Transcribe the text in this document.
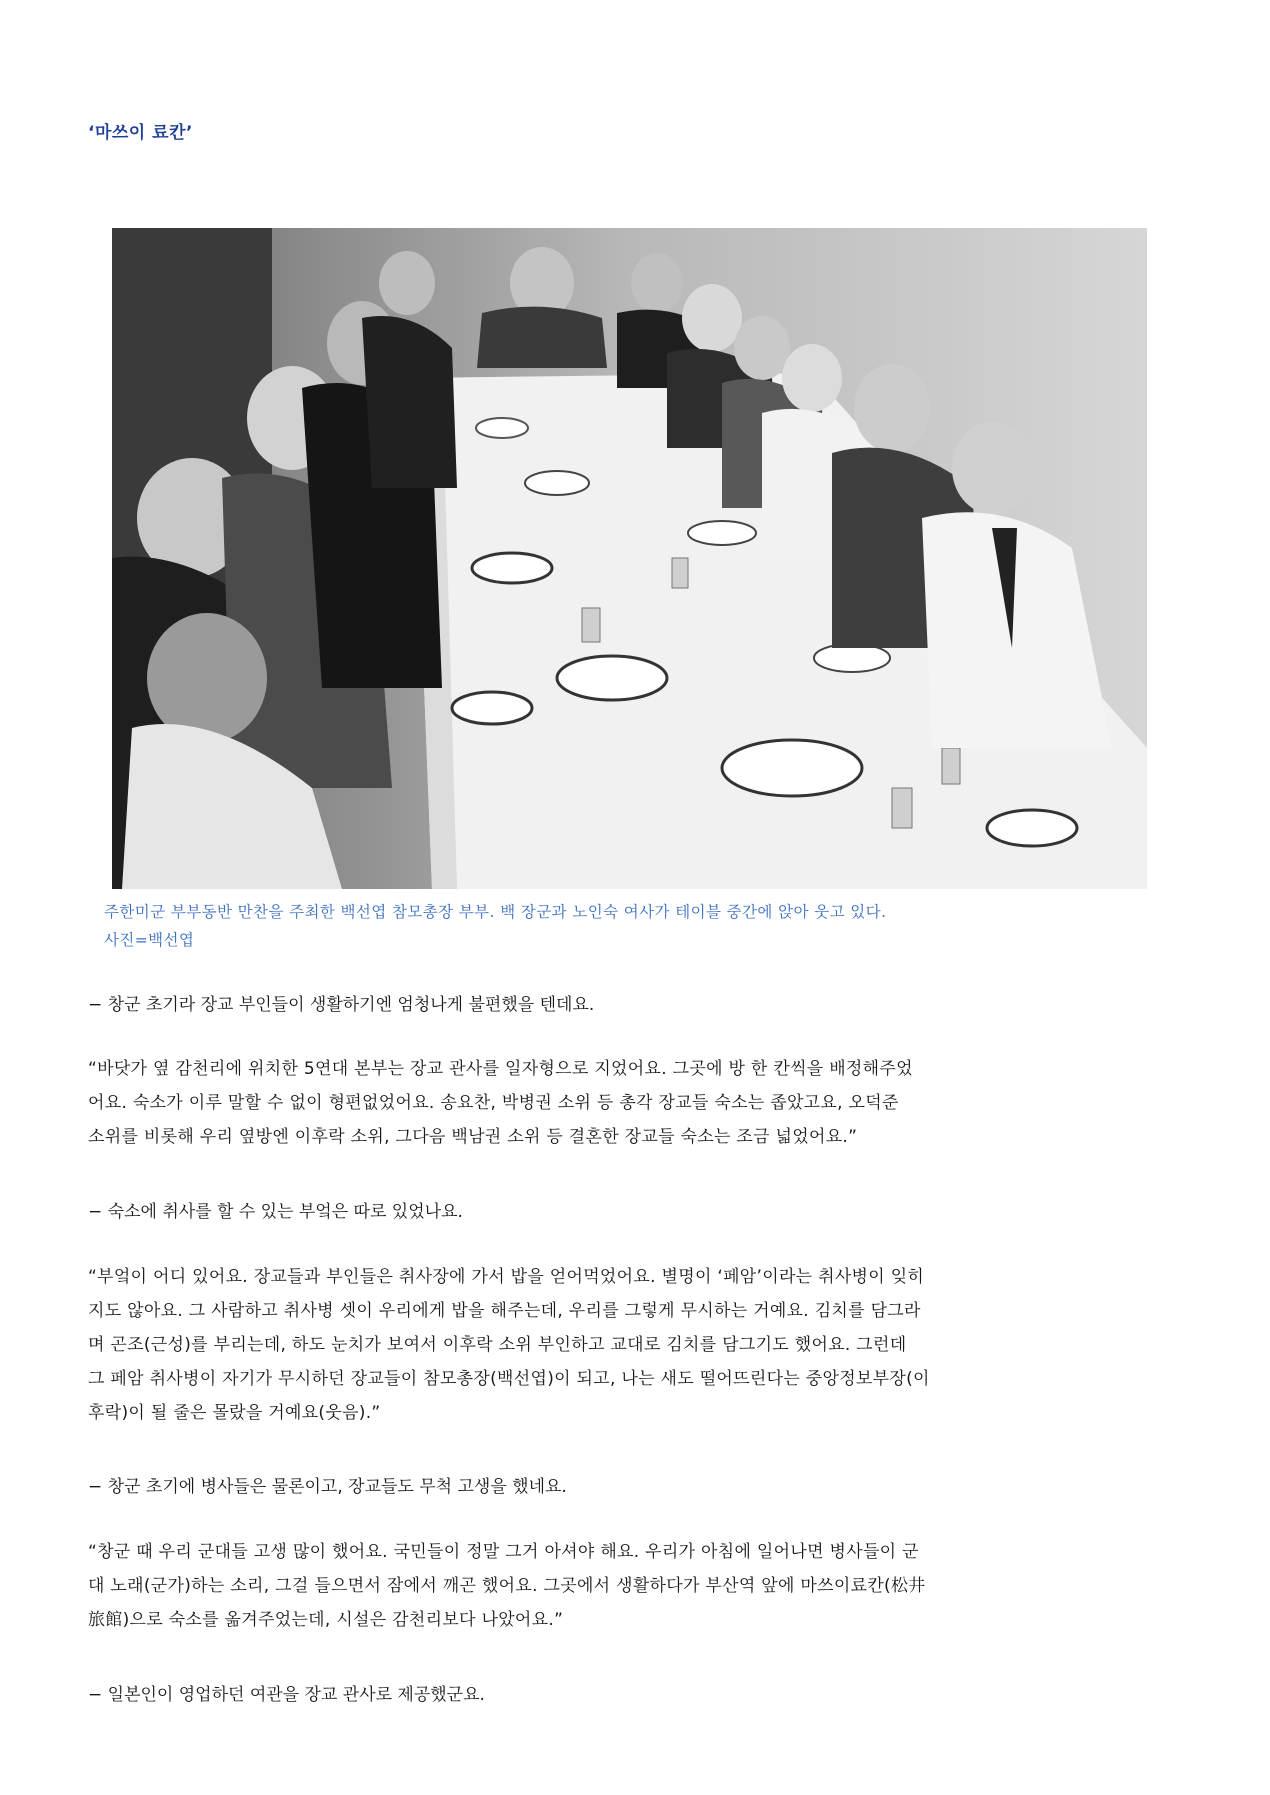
‘마쓰이 료칸’
주한미군 부부동반 만찬을 주최한 백선엽 참모총장 부부. 백 장군과 노인숙 여사가 테이블 중간에 앉아 웃고 있다.
사진=백선엽
− 창군 초기라 장교 부인들이 생활하기엔 엄청나게 불편했을 텐데요.
“바닷가 옆 감천리에 위치한 5연대 본부는 장교 관사를 일자형으로 지었어요. 그곳에 방 한 칸씩을 배정해주었
어요. 숙소가 이루 말할 수 없이 형편없었어요. 송요찬, 박병권 소위 등 총각 장교들 숙소는 좁았고요, 오덕준
소위를 비롯해 우리 옆방엔 이후락 소위, 그다음 백남권 소위 등 결혼한 장교들 숙소는 조금 넓었어요.”
− 숙소에 취사를 할 수 있는 부엌은 따로 있었나요.
“부엌이 어디 있어요. 장교들과 부인들은 취사장에 가서 밥을 얻어먹었어요. 별명이 ‘페암’이라는 취사병이 잊히
지도 않아요. 그 사람하고 취사병 셋이 우리에게 밥을 해주는데, 우리를 그렇게 무시하는 거예요. 김치를 담그라
며 곤조(근성)를 부리는데, 하도 눈치가 보여서 이후락 소위 부인하고 교대로 김치를 담그기도 했어요. 그런데
그 페암 취사병이 자기가 무시하던 장교들이 참모총장(백선엽)이 되고, 나는 새도 떨어뜨린다는 중앙정보부장(이
후락)이 될 줄은 몰랐을 거예요(웃음).”
− 창군 초기에 병사들은 물론이고, 장교들도 무척 고생을 했네요.
“창군 때 우리 군대들 고생 많이 했어요. 국민들이 정말 그거 아셔야 해요. 우리가 아침에 일어나면 병사들이 군
대 노래(군가)하는 소리, 그걸 들으면서 잠에서 깨곤 했어요. 그곳에서 생활하다가 부산역 앞에 마쓰이료칸(松井
旅館)으로 숙소를 옮겨주었는데, 시설은 감천리보다 나았어요.”
− 일본인이 영업하던 여관을 장교 관사로 제공했군요.
